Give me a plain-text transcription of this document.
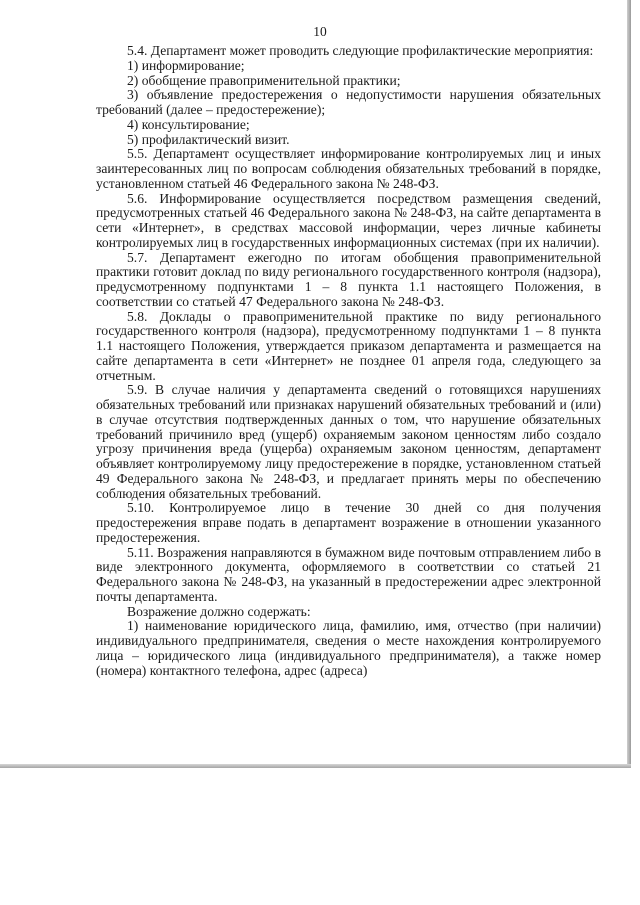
10

5.4. Департамент может проводить следующие профилактические мероприятия:

1) информирование;

2) обобщение правоприменительной практики;

3) объявление предостережения о недопустимости нарушения обязательных требований (далее – предостережение);

4) консультирование;

5) профилактический визит.

5.5. Департамент осуществляет информирование контролируемых лиц и иных заинтересованных лиц по вопросам соблюдения обязательных требований в порядке, установленном статьей 46 Федерального закона № 248-ФЗ.

5.6. Информирование осуществляется посредством размещения сведений, предусмотренных статьей 46 Федерального закона № 248-ФЗ, на сайте департамента в сети «Интернет», в средствах массовой информации, через личные кабинеты контролируемых лиц в государственных информационных системах (при их наличии).

5.7. Департамент ежегодно по итогам обобщения правоприменительной практики готовит доклад по виду регионального государственного контроля (надзора), предусмотренному подпунктами 1 – 8 пункта 1.1 настоящего Положения, в соответствии со статьей 47 Федерального закона № 248-ФЗ.

5.8. Доклады о правоприменительной практике по виду регионального государственного контроля (надзора), предусмотренному подпунктами 1 – 8 пункта 1.1 настоящего Положения, утверждается приказом департамента и размещается на сайте департамента в сети «Интернет» не позднее 01 апреля года, следующего за отчетным.

5.9. В случае наличия у департамента сведений о готовящихся нарушениях обязательных требований или признаках нарушений обязательных требований и (или) в случае отсутствия подтвержденных данных о том, что нарушение обязательных требований причинило вред (ущерб) охраняемым законом ценностям либо создало угрозу причинения вреда (ущерба) охраняемым законом ценностям, департамент объявляет контролируемому лицу предостережение в порядке, установленном статьей 49 Федерального закона № 248-ФЗ, и предлагает принять меры по обеспечению соблюдения обязательных требований.

5.10. Контролируемое лицо в течение 30 дней со дня получения предостережения вправе подать в департамент возражение в отношении указанного предостережения.

5.11. Возражения направляются в бумажном виде почтовым отправлением либо в виде электронного документа, оформляемого в соответствии со статьей 21 Федерального закона № 248-ФЗ, на указанный в предостережении адрес электронной почты департамента.

Возражение должно содержать:

1) наименование юридического лица, фамилию, имя, отчество (при наличии) индивидуального предпринимателя, сведения о месте нахождения контролируемого лица – юридического лица (индивидуального предпринимателя), а также номер (номера) контактного телефона, адрес (адреса)
